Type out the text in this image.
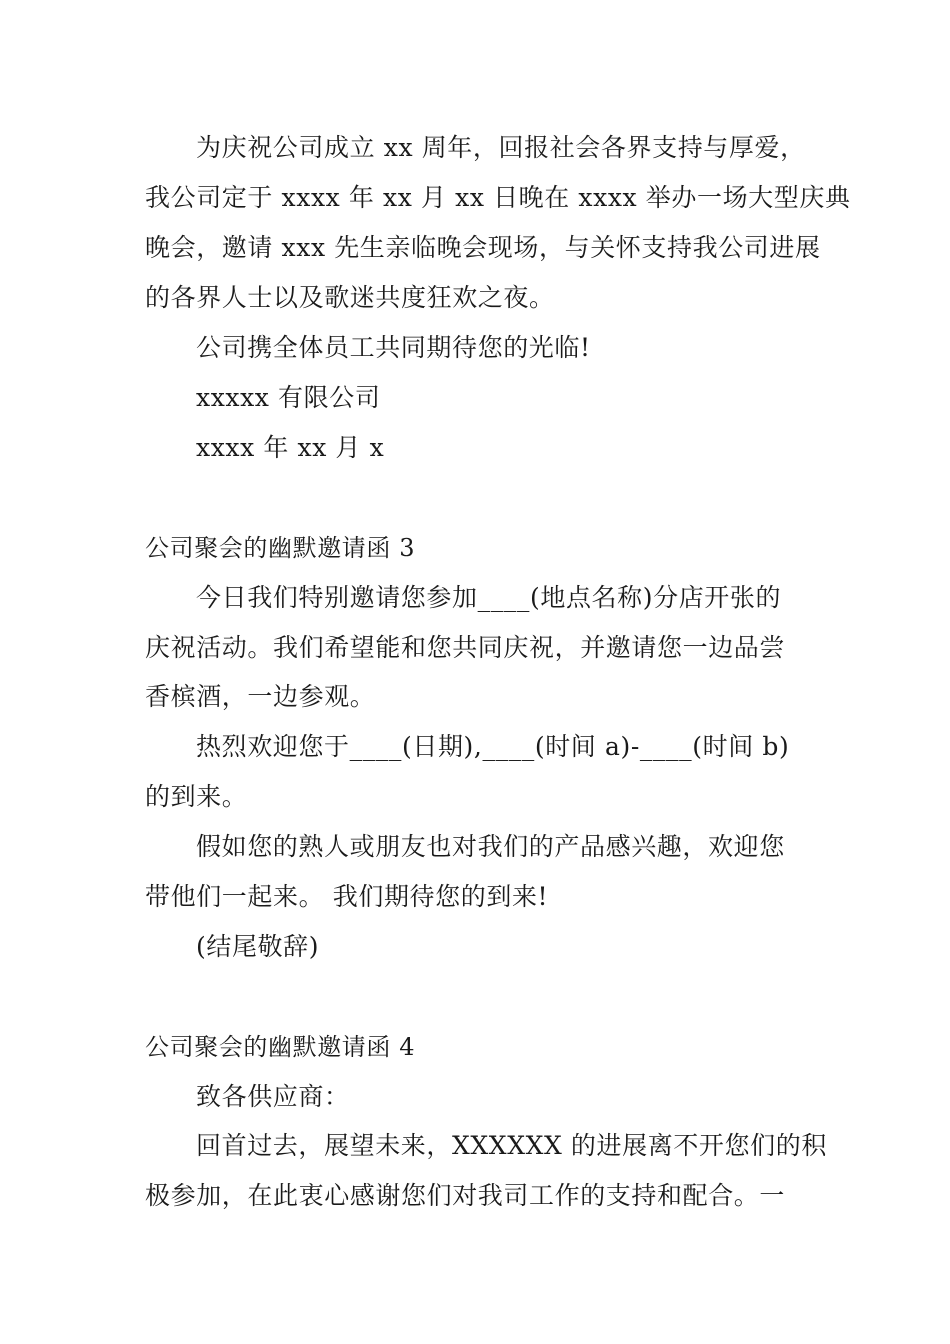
为庆祝公司成立 xx 周年，回报社会各界支持与厚爱，
我公司定于 xxxx 年 xx 月 xx 日晚在 xxxx 举办一场大型庆典
晚会，邀请 xxx 先生亲临晚会现场，与关怀支持我公司进展
的各界人士以及歌迷共度狂欢之夜。
公司携全体员工共同期待您的光临!
xxxxx 有限公司
xxxx 年 xx 月 x
公司聚会的幽默邀请函 3
今日我们特别邀请您参加____(地点名称)分店开张的
庆祝活动。我们希望能和您共同庆祝，并邀请您一边品尝
香槟酒，一边参观。
热烈欢迎您于____(日期),____(时间 a)-____(时间 b)
的到来。
假如您的熟人或朋友也对我们的产品感兴趣，欢迎您
带他们一起来。 我们期待您的到来!
(结尾敬辞)
公司聚会的幽默邀请函 4
致各供应商：
回首过去，展望未来，XXXXXX 的进展离不开您们的积
极参加，在此衷心感谢您们对我司工作的支持和配合。一
